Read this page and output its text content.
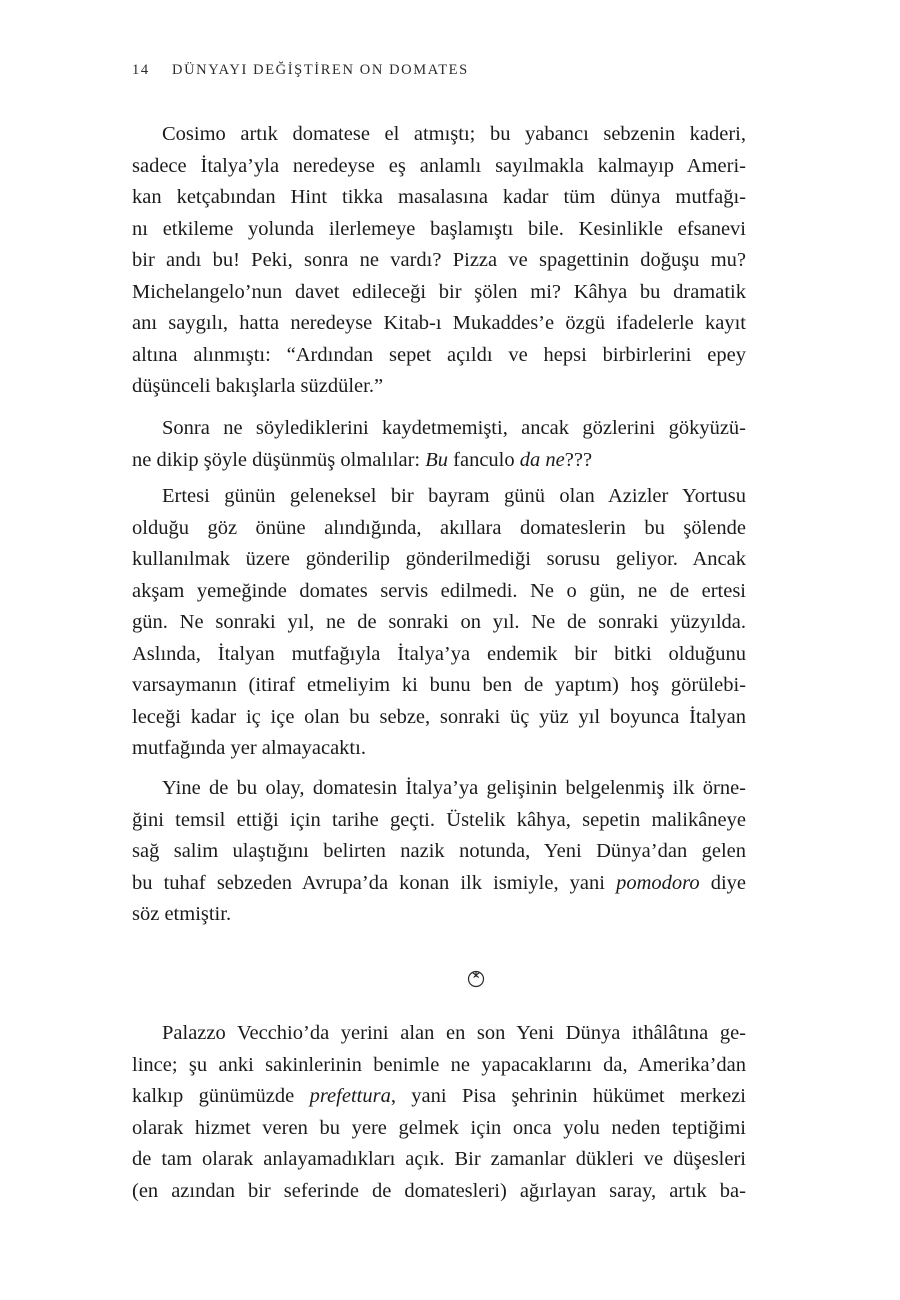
14 DÜNYAYI DEĞİŞTİREN ON DOMATES
Cosimo artık domatese el atmıştı; bu yabancı sebzenin kaderi,
sadece İtalya’yla neredeyse eş anlamlı sayılmakla kalmayıp Ameri-
kan ketçabından Hint tikka masalasına kadar tüm dünya mutfağı-
nı etkileme yolunda ilerlemeye başlamıştı bile. Kesinlikle efsanevi
bir andı bu! Peki, sonra ne vardı? Pizza ve spagettinin doğuşu mu?
Michelangelo’nun davet edileceği bir şölen mi? Kâhya bu dramatik
anı saygılı, hatta neredeyse Kitab-ı Mukaddes’e özgü ifadelerle kayıt
altına alınmıştı: “Ardından sepet açıldı ve hepsi birbirlerini epey
düşünceli bakışlarla süzdüler.”
Sonra ne söylediklerini kaydetmemişti, ancak gözlerini gökyüzü-
ne dikip şöyle düşünmüş olmalılar: Bu fanculo da ne???
Ertesi günün geleneksel bir bayram günü olan Azizler Yortusu
olduğu göz önüne alındığında, akıllara domateslerin bu şölende
kullanılmak üzere gönderilip gönderilmediği sorusu geliyor. Ancak
akşam yemeğinde domates servis edilmedi. Ne o gün, ne de ertesi
gün. Ne sonraki yıl, ne de sonraki on yıl. Ne de sonraki yüzyılda.
Aslında, İtalyan mutfağıyla İtalya’ya endemik bir bitki olduğunu
varsaymanın (itiraf etmeliyim ki bunu ben de yaptım) hoş görülebi-
leceği kadar iç içe olan bu sebze, sonraki üç yüz yıl boyunca İtalyan
mutfağında yer almayacaktı.
Yine de bu olay, domatesin İtalya’ya gelişinin belgelenmiş ilk örne-
ğini temsil ettiği için tarihe geçti. Üstelik kâhya, sepetin malikâneye
sağ salim ulaştığını belirten nazik notunda, Yeni Dünya’dan gelen
bu tuhaf sebzeden Avrupa’da konan ilk ismiyle, yani pomodoro diye
söz etmiştir.
Palazzo Vecchio’da yerini alan en son Yeni Dünya ithâlâtına ge-
lince; şu anki sakinlerinin benimle ne yapacaklarını da, Amerika’dan
kalkıp günümüzde prefettura, yani Pisa şehrinin hükümet merkezi
olarak hizmet veren bu yere gelmek için onca yolu neden teptiğimi
de tam olarak anlayamadıkları açık. Bir zamanlar dükleri ve düşesleri
(en azından bir seferinde de domatesleri) ağırlayan saray, artık ba-
